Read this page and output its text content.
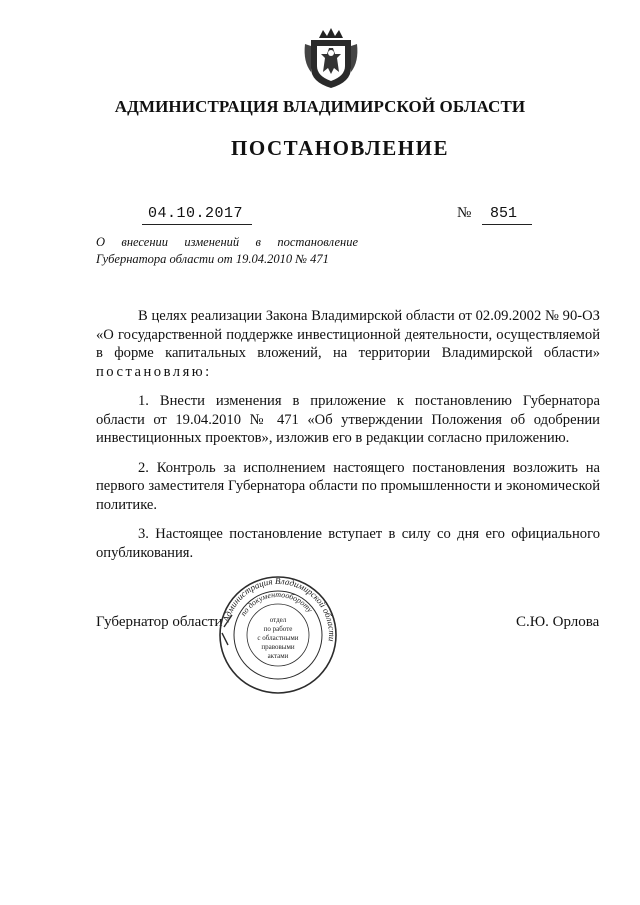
АДМИНИСТРАЦИЯ ВЛАДИМИРСКОЙ ОБЛАСТИ
ПОСТАНОВЛЕНИЕ
04.10.2017	№ 851
О внесении изменений в постановление
Губернатора области от 19.04.2010 № 471

В целях реализации Закона Владимирской области от 02.09.2002 № 90-ОЗ «О государственной поддержке инвестиционной деятельности, осуществляемой в форме капитальных вложений, на территории Владимирской области» постановляю:

1. Внести изменения в приложение к постановлению Губернатора области от 19.04.2010 № 471 «Об утверждении Положения об одобрении инвестиционных проектов», изложив его в редакции согласно приложению.

2. Контроль за исполнением настоящего постановления возложить на первого заместителя Губернатора области по промышленности и экономической политике.

3. Настоящее постановление вступает в силу со дня его официального опубликования.

Губернатор области	С.Ю. Орлова
Администрация Владимирской области
по документообороту
отдел
по работе
с областными
правовыми
актами
